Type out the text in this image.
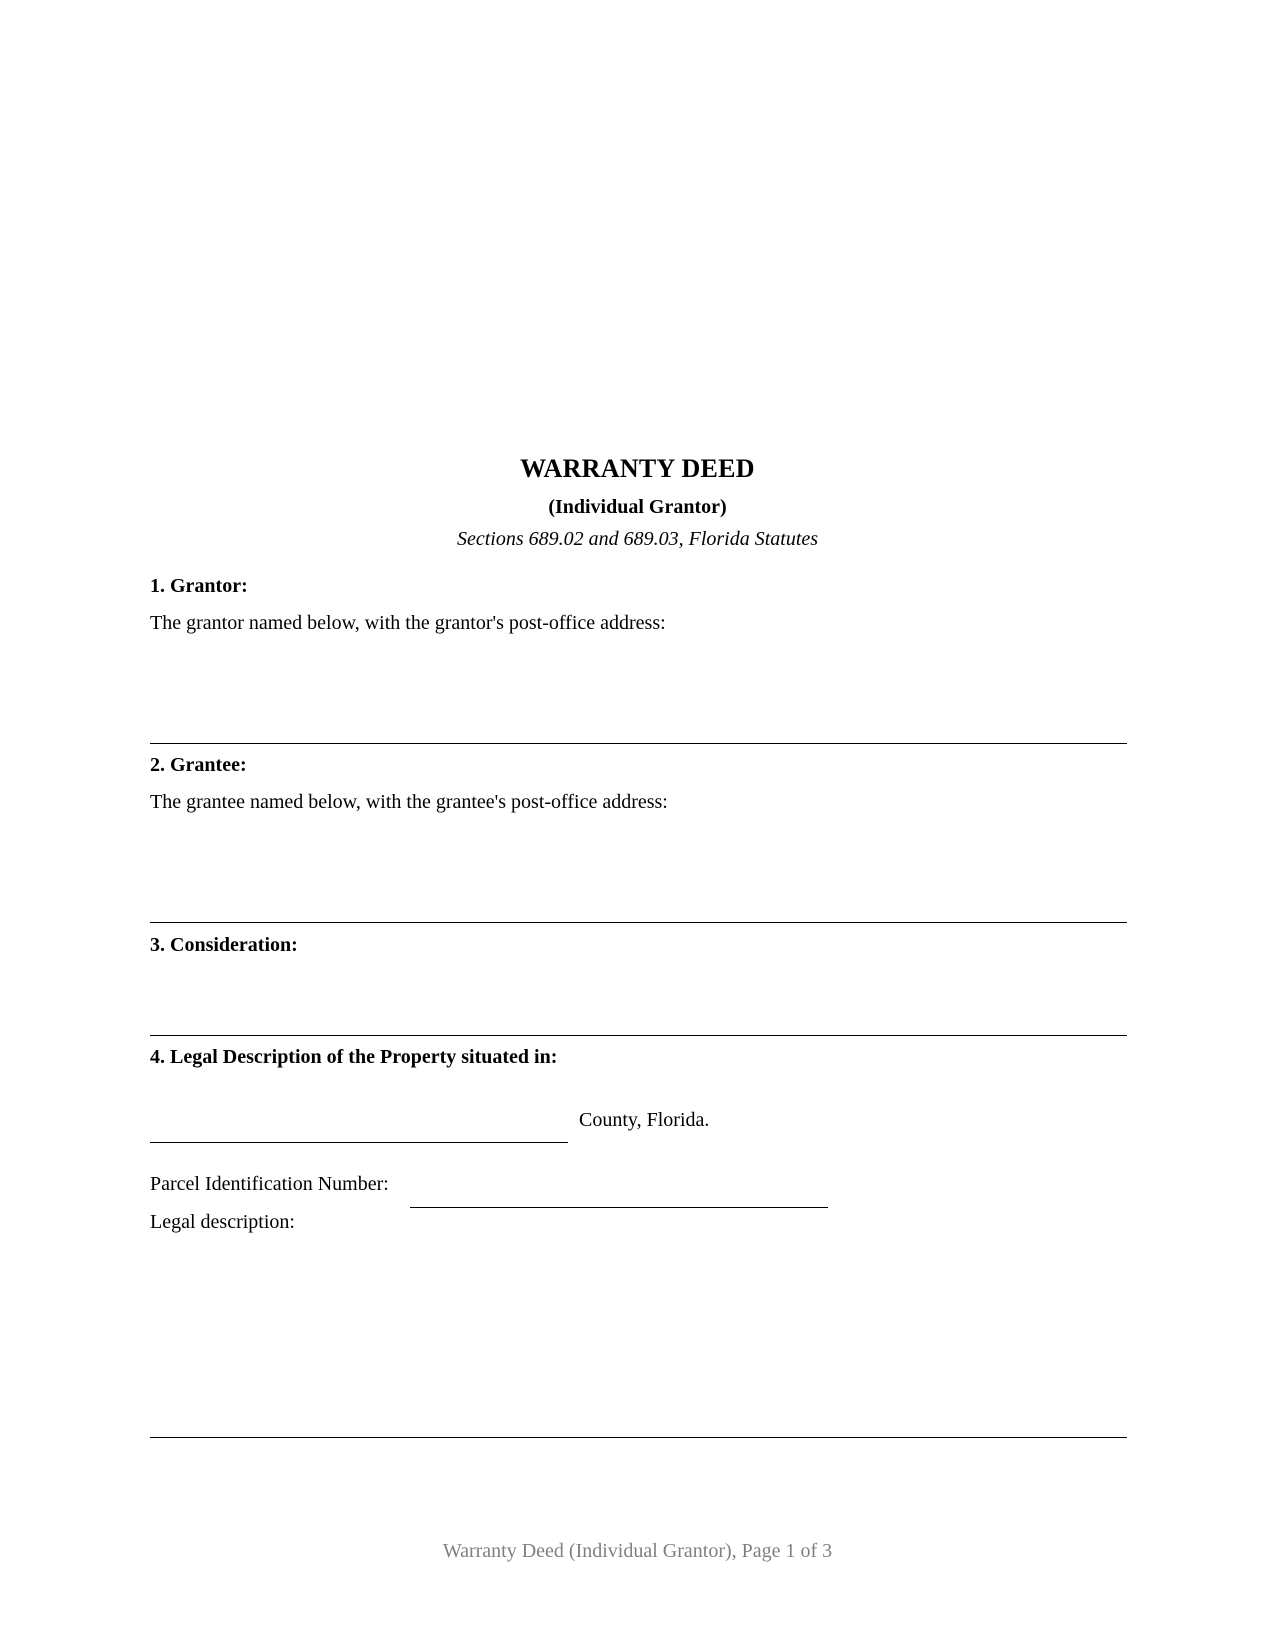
WARRANTY DEED
(Individual Grantor)
Sections 689.02 and 689.03, Florida Statutes
1. Grantor:
The grantor named below, with the grantor's post-office address:
2. Grantee:
The grantee named below, with the grantee's post-office address:
3. Consideration:
4. Legal Description of the Property situated in:
County, Florida.
Parcel Identification Number:
Legal description:
Warranty Deed (Individual Grantor), Page 1 of 3
